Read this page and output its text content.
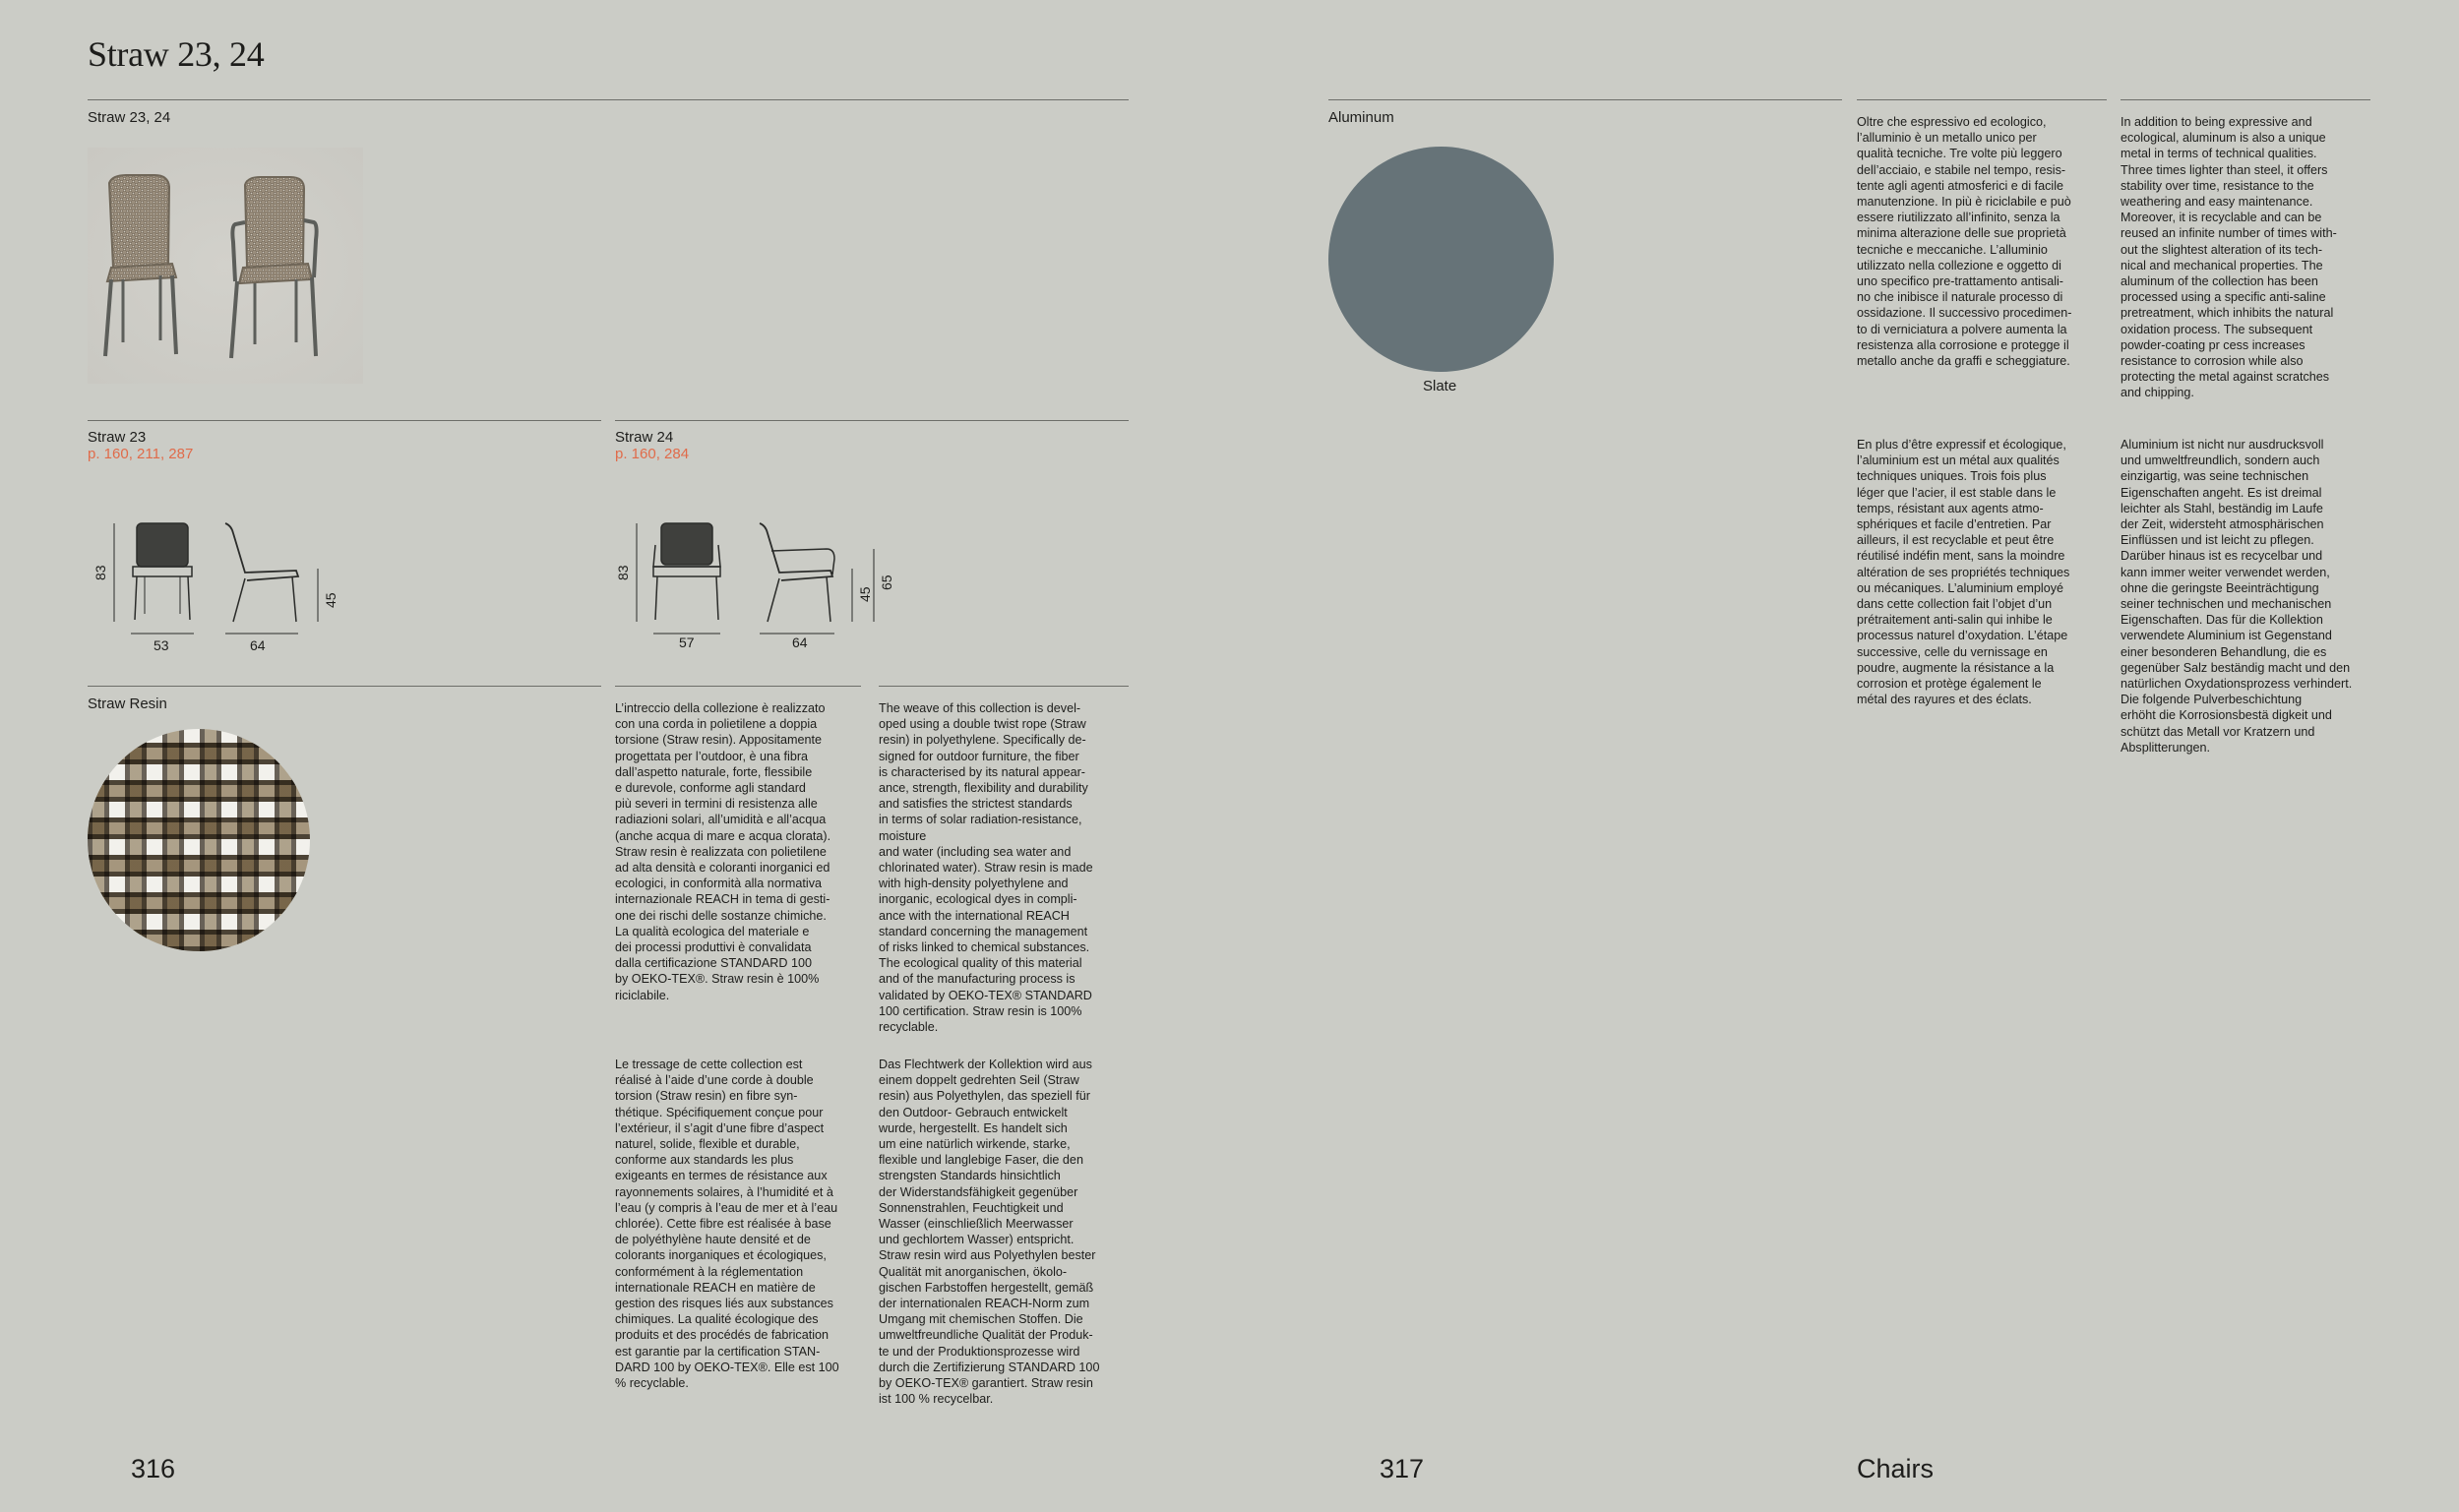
Straw 23, 24
Straw 23, 24
Straw 23
p. 160, 211, 287
83
45
53	64
Straw 24
p. 160, 284
83
45
65
57	64
Straw Resin	L’intreccio della collezione è realizzato
con una corda in polietilene a doppia
torsione (Straw resin). Appositamente
progettata per l’outdoor, è una fibra
dall’aspetto naturale, forte, flessibile
e durevole, conforme agli standard
più severi in termini di resistenza alle
radiazioni solari, all’umidità e all’acqua
(anche acqua di mare e acqua clorata).
Straw resin è realizzata con polietilene
ad alta densità e coloranti inorganici ed
ecologici, in conformità alla normativa
internazionale REACH in tema di gesti-
one dei rischi delle sostanze chimiche.
La qualità ecologica del materiale e
dei processi produttivi è convalidata
dalla certificazione STANDARD 100
by OEKO-TEX®. Straw resin è 100%
riciclabile.
The weave of this collection is devel-
oped using a double twist rope (Straw
resin) in polyethylene. Specifically de-
signed for outdoor furniture, the fiber
is characterised by its natural appear-
ance, strength, flexibility and durability
and satisfies the strictest standards
in terms of solar radiation-resistance,
moisture
and water (including sea water and
chlorinated water). Straw resin is made
with high-density polyethylene and
inorganic, ecological dyes in compli-
ance with the international REACH
standard concerning the management
of risks linked to chemical substances.
The ecological quality of this material
and of the manufacturing process is
validated by OEKO-TEX® STANDARD
100 certification. Straw resin is 100%
recyclable.
Le tressage de cette collection est
réalisé à l’aide d’une corde à double
torsion (Straw resin) en fibre syn-
thétique. Spécifiquement conçue pour
l’extérieur, il s’agit d’une fibre d’aspect
naturel, solide, flexible et durable,
conforme aux standards les plus
exigeants en termes de résistance aux
rayonnements solaires, à l’humidité et à
l’eau (y compris à l’eau de mer et à l’eau
chlorée). Cette fibre est réalisée à base
de polyéthylène haute densité et de
colorants inorganiques et écologiques,
conformément à la réglementation
internationale REACH en matière de
gestion des risques liés aux substances
chimiques. La qualité écologique des
produits et des procédés de fabrication
est garantie par la certification STAN-
DARD 100 by OEKO-TEX®. Elle est 100
% recyclable.
Das Flechtwerk der Kollektion wird aus
einem doppelt gedrehten Seil (Straw
resin) aus Polyethylen, das speziell für
den Outdoor- Gebrauch entwickelt
wurde, hergestellt. Es handelt sich
um eine natürlich wirkende, starke,
flexible und langlebige Faser, die den
strengsten Standards hinsichtlich
der Widerstandsfähigkeit gegenüber
Sonnenstrahlen, Feuchtigkeit und
Wasser (einschließlich Meerwasser
und gechlortem Wasser) entspricht.
Straw resin wird aus Polyethylen bester
Qualität mit anorganischen, ökolo-
gischen Farbstoffen hergestellt, gemäß
der internationalen REACH-Norm zum
Umgang mit chemischen Stoffen. Die
umweltfreundliche Qualität der Produk-
te und der Produktionsprozesse wird
durch die Zertifizierung STANDARD 100
by OEKO-TEX® garantiert. Straw resin
ist 100 % recycelbar.
316
Aluminum
Slate
Oltre che espressivo ed ecologico,
l’alluminio è un metallo unico per
qualità tecniche. Tre volte più leggero
dell’acciaio, e stabile nel tempo, resis-
tente agli agenti atmosferici e di facile
manutenzione. In più è riciclabile e può
essere riutilizzato all’infinito, senza la
minima alterazione delle sue proprietà
tecniche e meccaniche. L’alluminio
utilizzato nella collezione e oggetto di
uno specifico pre-trattamento antisali-
no che inibisce il naturale processo di
ossidazione. Il successivo procedimen-
to di verniciatura a polvere aumenta la
resistenza alla corrosione e protegge il
metallo anche da graffi e scheggiature.
In addition to being expressive and
ecological, aluminum is also a unique
metal in terms of technical qualities.
Three times lighter than steel, it offers
stability over time, resistance to the
weathering and easy maintenance.
Moreover, it is recyclable and can be
reused an infinite number of times with-
out the slightest alteration of its tech-
nical and mechanical properties. The
aluminum of the collection has been
processed using a specific anti-saline
pretreatment, which inhibits the natural
oxidation process. The subsequent
powder-coating pr cess increases
resistance to corrosion while also
protecting the metal against scratches
and chipping.
En plus d’être expressif et écologique,
l’aluminium est un métal aux qualités
techniques uniques. Trois fois plus
léger que l’acier, il est stable dans le
temps, résistant aux agents atmo-
sphériques et facile d’entretien. Par
ailleurs, il est recyclable et peut être
réutilisé indéfin ment, sans la moindre
altération de ses propriétés techniques
ou mécaniques. L’aluminium employé
dans cette collection fait l’objet d’un
prétraitement anti-salin qui inhibe le
processus naturel d’oxydation. L’étape
successive, celle du vernissage en
poudre, augmente la résistance a la
corrosion et protège également le
métal des rayures et des éclats.
Aluminium ist nicht nur ausdrucksvoll
und umweltfreundlich, sondern auch
einzigartig, was seine technischen
Eigenschaften angeht. Es ist dreimal
leichter als Stahl, beständig im Laufe
der Zeit, widersteht atmosphärischen
Einflüssen und ist leicht zu pflegen.
Darüber hinaus ist es recycelbar und
kann immer weiter verwendet werden,
ohne die geringste Beeinträchtigung
seiner technischen und mechanischen
Eigenschaften. Das für die Kollektion
verwendete Aluminium ist Gegenstand
einer besonderen Behandlung, die es
gegenüber Salz beständig macht und den
natürlichen Oxydationsprozess verhindert.
Die folgende Pulverbeschichtung
erhöht die Korrosionsbestä digkeit und
schützt das Metall vor Kratzern und
Absplitterungen.
317	Chairs
